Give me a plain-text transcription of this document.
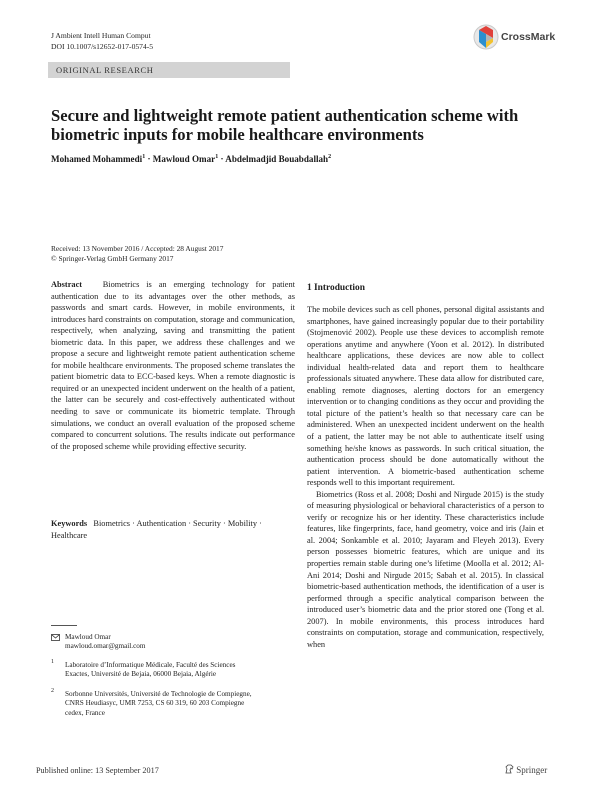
J Ambient Intell Human Comput
DOI 10.1007/s12652-017-0574-5
CrossMark
ORIGINAL RESEARCH
Secure and lightweight remote patient authentication scheme with biometric inputs for mobile healthcare environments
Mohamed Mohammedi$^1$ · Mawloud Omar$^1$ · Abdelmadjid Bouabdallah$^2$
Received: 13 November 2016 / Accepted: 28 August 2017
© Springer-Verlag GmbH Germany 2017

Abstract Biometrics is an emerging technology for patient authentication due to its advantages over the other methods, as passwords and smart cards. However, in mobile environments, it introduces hard constraints on computation, storage and communication, respectively, when analyzing, saving and transmitting the patient biometric data. In this paper, we address these challenges and we propose a secure and lightweight remote patient authentication scheme for mobile healthcare environments. The proposed scheme translates the patient biometric data to ECC-based keys. When a remote diagnostic is required or an unexpected incident underwent on the health of a patient, the latter can be securely and cost-effectively authenticated without needing to save or communicate its biometric template. Through simulations, we conduct an overall evaluation of the proposed scheme compared to concurrent solutions. The results indicate out performance of the proposed scheme while providing effective security.

Keywords Biometrics · Authentication · Security · Mobility · Healthcare

1 Introduction

The mobile devices such as cell phones, personal digital assistants and smartphones, have gained increasingly popular due to their portability (Stojmenović 2002). People use these devices to accomplish remote operations anytime and anywhere (Yoon et al. 2012). In distributed healthcare applications, these devices are now able to collect individual health-related data and report them to healthcare professionals situated anywhere. These data allow for distributed care, enabling remote diagnoses, alerting doctors for an emergency intervention or to changing conditions as they occur and providing the total picture of the patient’s health so that necessary care can be administered. When an unexpected incident underwent on the health of a patient, the latter may be not able to authenticate itself using something he/she knows as passwords. In such critical situation, the authentication process should be done automatically without the patient intervention. A biometric-based authentication scheme responds well to this important requirement.

Biometrics (Ross et al. 2008; Doshi and Nirgude 2015) is the study of measuring physiological or behavioral characteristics of a person to verify or recognize his or her identity. These characteristics include features, like fingerprints, face, hand geometry, voice and iris (Jain et al. 2004; Sonkamble et al. 2010; Jayaram and Fleyeh 2013). Every person possesses biometric features, which are unique and its properties remain stable during one’s lifetime (Moolla et al. 2012; Al-Ani 2014; Doshi and Nirgude 2015; Sabah et al. 2015). In classical biometric-based authentication methods, the identification of a user is performed through a specific analytical comparison between the introduced user’s biometric data and the prior stored one (Tong et al. 2007). In mobile environments, this process introduces hard constraints on computation, storage and communication, respectively, when

Mawloud Omar
mawloud.omar@gmail.com
1 Laboratoire d’Informatique Médicale, Faculté des Sciences Exactes, Université de Bejaia, 06000 Bejaia, Algérie
2 Sorbonne Universités, Université de Technologie de Compiegne, CNRS Heudiasyc, UMR 7253, CS 60 319, 60 203 Compiegne cedex, France
Published online: 13 September 2017	Springer
